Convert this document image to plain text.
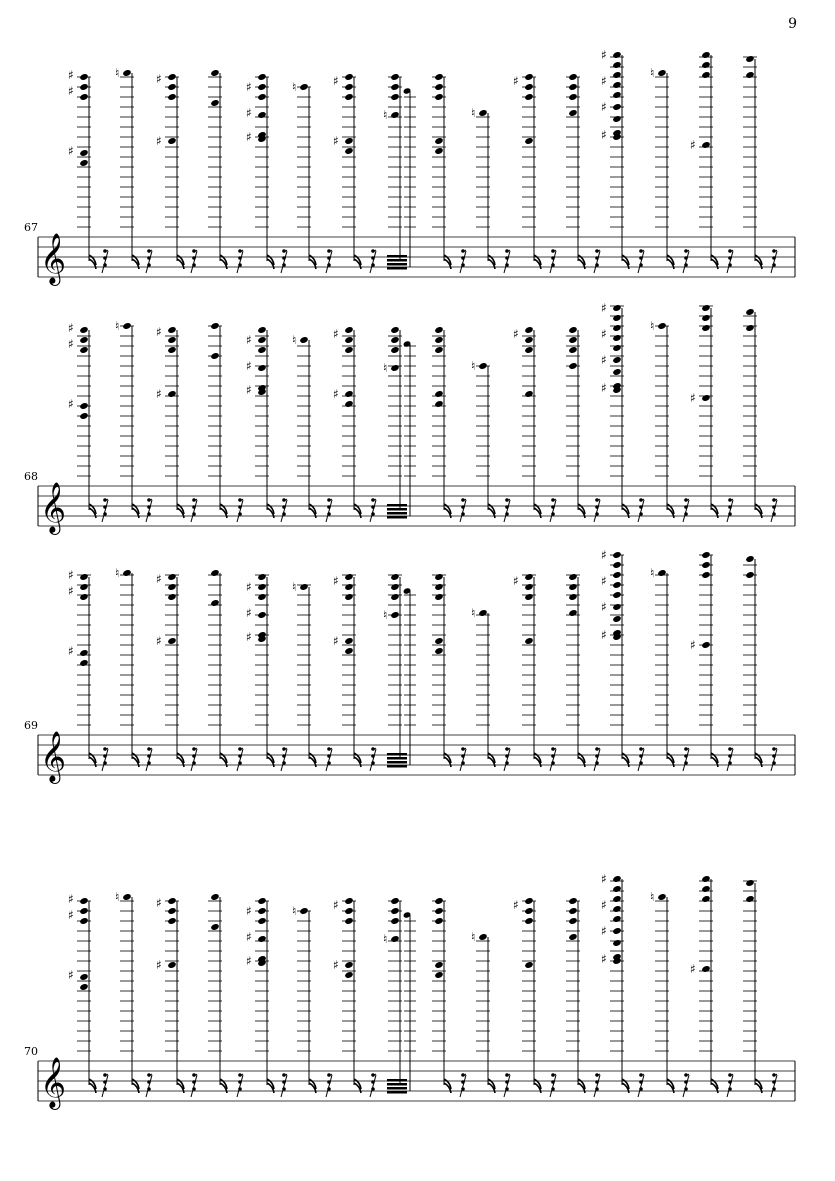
9
67
𝄞
♯
♯
♯
♮	♯
♯
♯
♯
♯
♮	♯
♯
♮	♮
♯
♯
♯
♯
♯
♮
♯
68
𝄞
♯
♯
♯
♮	♯
♯
♯
♯
♯
♮	♯
♯
♮	♮
♯
♯
♯
♯
♯
♮
♯
69
𝄞
♯
♯
♯
♮	♯
♯
♯
♯
♯
♮	♯
♯
♮	♮
♯
♯
♯
♯
♯
♮
♯
70
𝄞
♯
♯
♯
♮	♯
♯
♯
♯
♯
♮	♯
♯
♮	♮
♯
♯
♯
♯
♯
♮
♯
